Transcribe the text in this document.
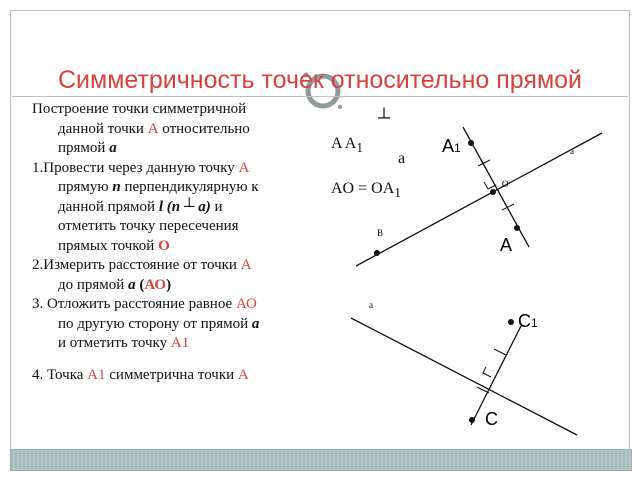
Симметричность точек относительно прямой

Построение точки симметричной

данной точки А относительно

прямой a

1.Провести через данную точку А

прямую n перпендикулярную к

данной прямой l (n ┴ a) и

отметить точку пересечения

прямых точкой О

2.Измерить расстояние от точки А

до прямой a (АО)

3. Отложить расстояние равное АО

по другую сторону от прямой a

и отметить точку А1

4. Точка А1 симметрична точки А

┴
A $A_1$
a
AO = $OA_1$
A1
A
O
a
B
C1
C
a
